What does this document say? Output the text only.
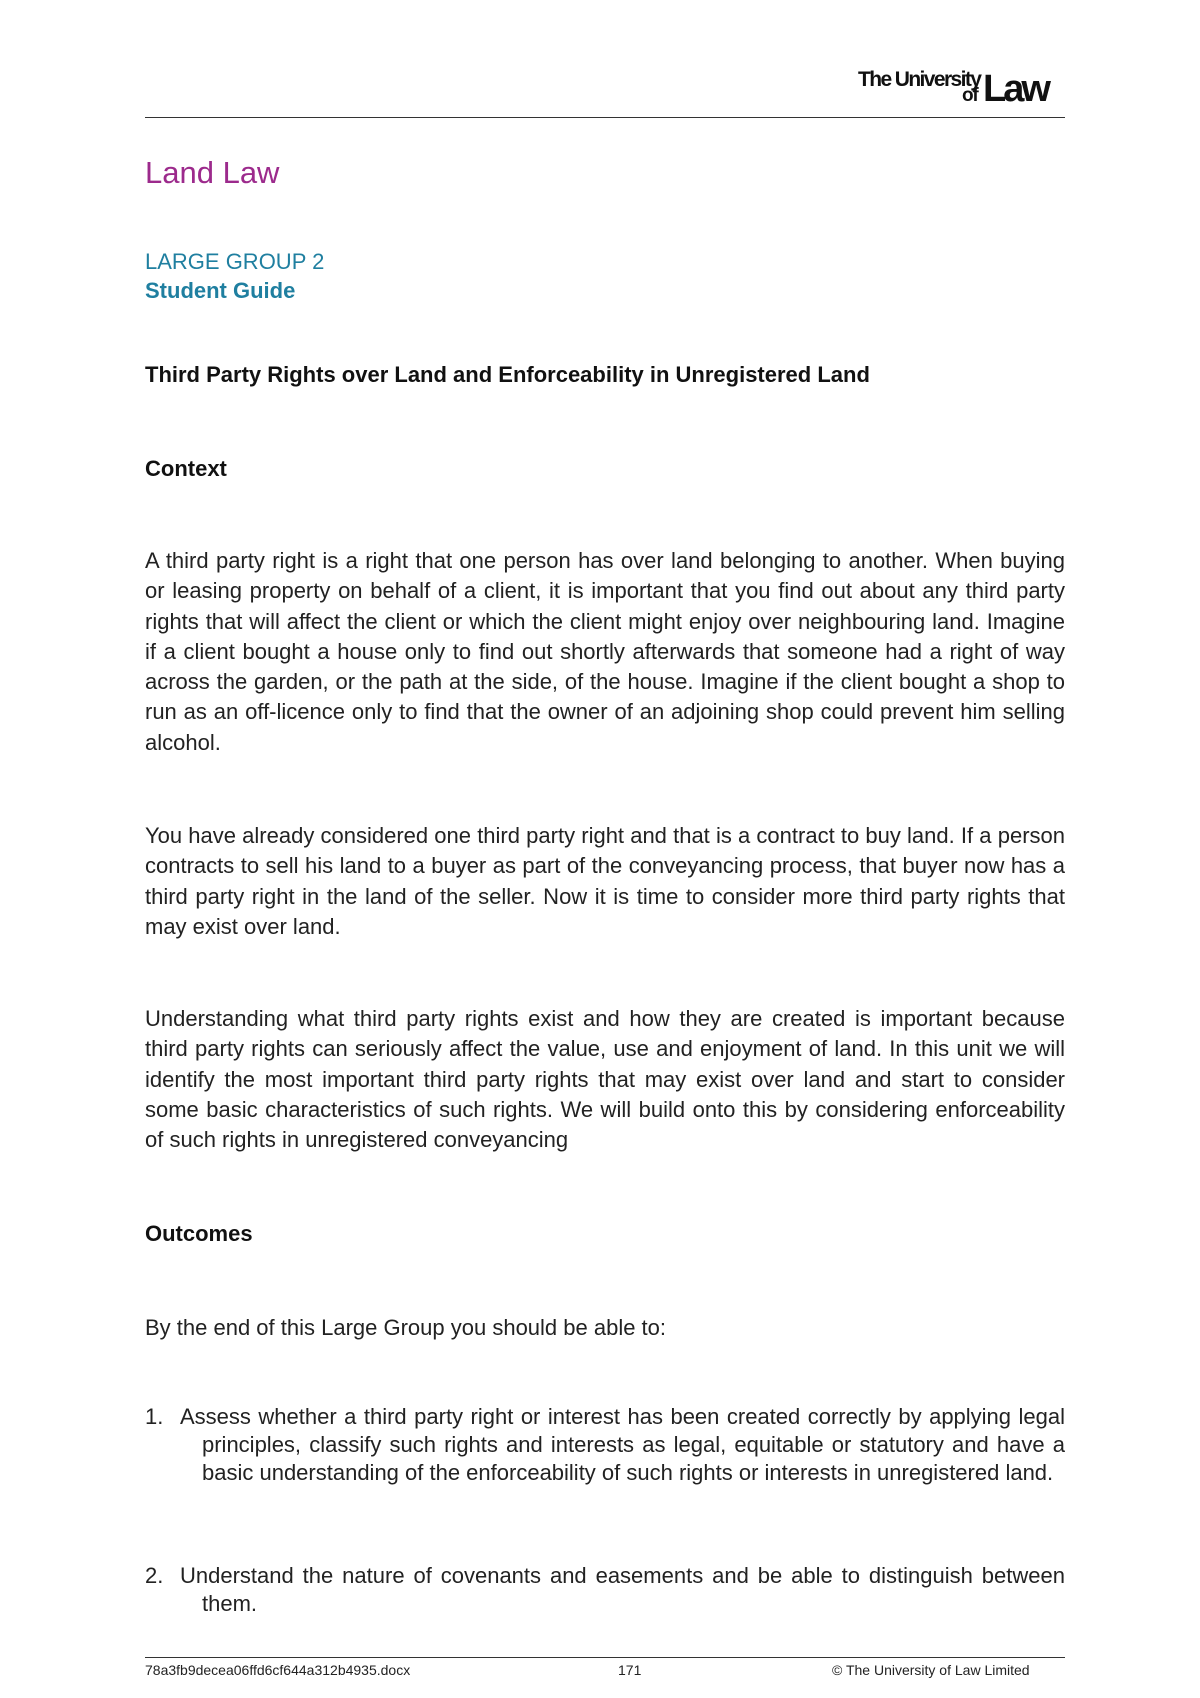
The University
of Law
Land Law
LARGE GROUP 2
Student Guide
Third Party Rights over Land and Enforceability in Unregistered Land
Context

A third party right is a right that one person has over land belonging to another. When buying or leasing property on behalf of a client, it is important that you find out about any third party rights that will affect the client or which the client might enjoy over neighbouring land. Imagine if a client bought a house only to find out shortly afterwards that someone had a right of way across the garden, or the path at the side, of the house. Imagine if the client bought a shop to run as an off-licence only to find that the owner of an adjoining shop could prevent him selling alcohol.

You have already considered one third party right and that is a contract to buy land. If a person contracts to sell his land to a buyer as part of the conveyancing process, that buyer now has a third party right in the land of the seller. Now it is time to consider more third party rights that may exist over land.

Understanding what third party rights exist and how they are created is important because third party rights can seriously affect the value, use and enjoyment of land. In this unit we will identify the most important third party rights that may exist over land and start to consider some basic characteristics of such rights. We will build onto this by considering enforceability of such rights in unregistered conveyancing

Outcomes

By the end of this Large Group you should be able to:

1. Assess whether a third party right or interest has been created correctly by applying legal principles, classify such rights and interests as legal, equitable or statutory and have a basic understanding of the enforceability of such rights or interests in unregistered land.
2. Understand the nature of covenants and easements and be able to distinguish between them.
78a3fb9decea06ffd6cf644a312b4935.docx	171	© The University of Law Limited
